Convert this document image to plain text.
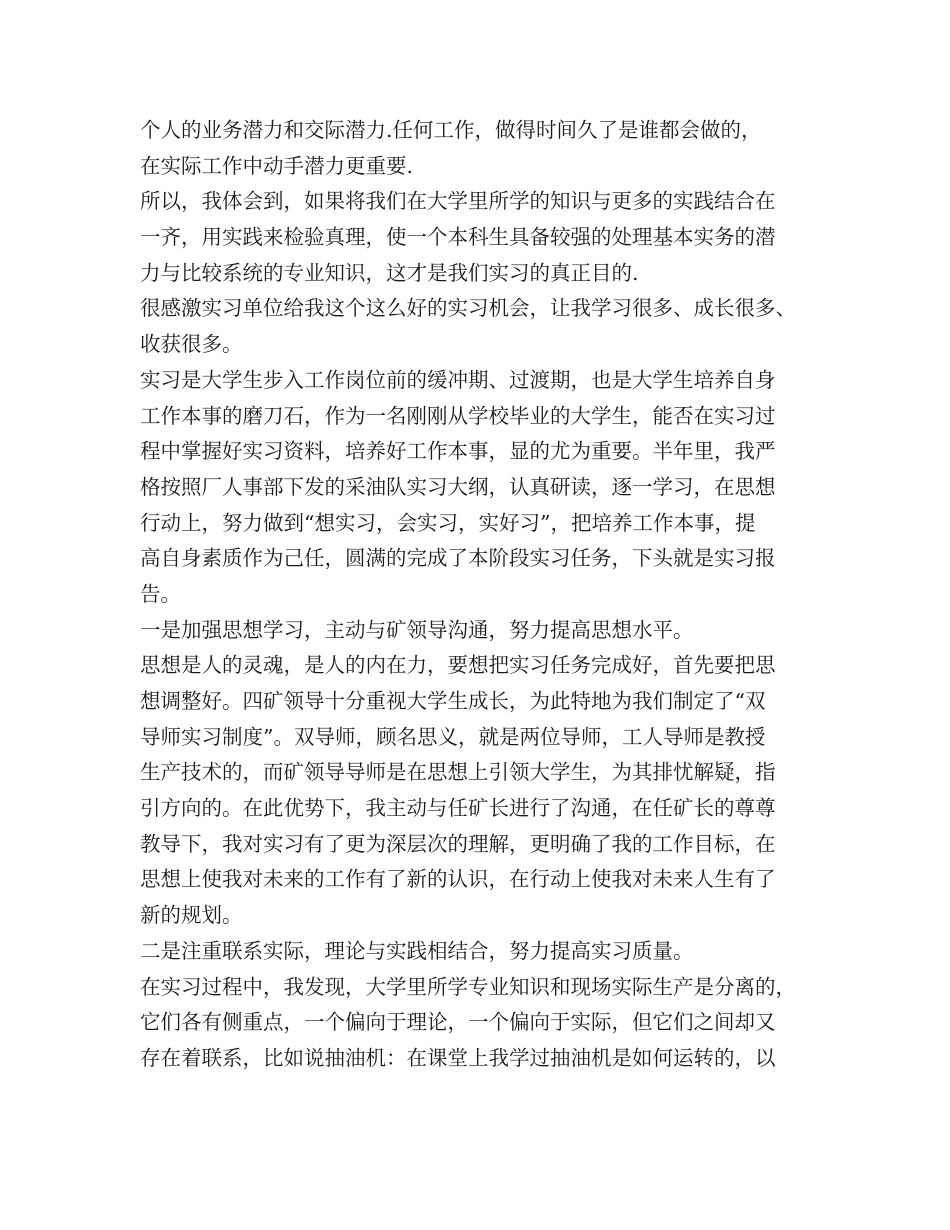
个人的业务潜力和交际潜力.任何工作，做得时间久了是谁都会做的，
在实际工作中动手潜力更重要.
所以，我体会到，如果将我们在大学里所学的知识与更多的实践结合在
一齐，用实践来检验真理，使一个本科生具备较强的处理基本实务的潜
力与比较系统的专业知识，这才是我们实习的真正目的.
很感激实习单位给我这个这么好的实习机会，让我学习很多、成长很多、
收获很多。
实习是大学生步入工作岗位前的缓冲期、过渡期，也是大学生培养自身
工作本事的磨刀石，作为一名刚刚从学校毕业的大学生，能否在实习过
程中掌握好实习资料，培养好工作本事，显的尤为重要。半年里，我严
格按照厂人事部下发的采油队实习大纲，认真研读，逐一学习，在思想
行动上，努力做到“想实习，会实习，实好习”，把培养工作本事，提
高自身素质作为己任，圆满的完成了本阶段实习任务，下头就是实习报
告。
一是加强思想学习，主动与矿领导沟通，努力提高思想水平。
思想是人的灵魂，是人的内在力，要想把实习任务完成好，首先要把思
想调整好。四矿领导十分重视大学生成长，为此特地为我们制定了“双
导师实习制度”。双导师，顾名思义，就是两位导师，工人导师是教授
生产技术的，而矿领导导师是在思想上引领大学生，为其排忧解疑，指
引方向的。在此优势下，我主动与任矿长进行了沟通，在任矿长的尊尊
教导下，我对实习有了更为深层次的理解，更明确了我的工作目标，在
思想上使我对未来的工作有了新的认识，在行动上使我对未来人生有了
新的规划。
二是注重联系实际，理论与实践相结合，努力提高实习质量。
在实习过程中，我发现，大学里所学专业知识和现场实际生产是分离的，
它们各有侧重点，一个偏向于理论，一个偏向于实际，但它们之间却又
存在着联系，比如说抽油机：在课堂上我学过抽油机是如何运转的，以
